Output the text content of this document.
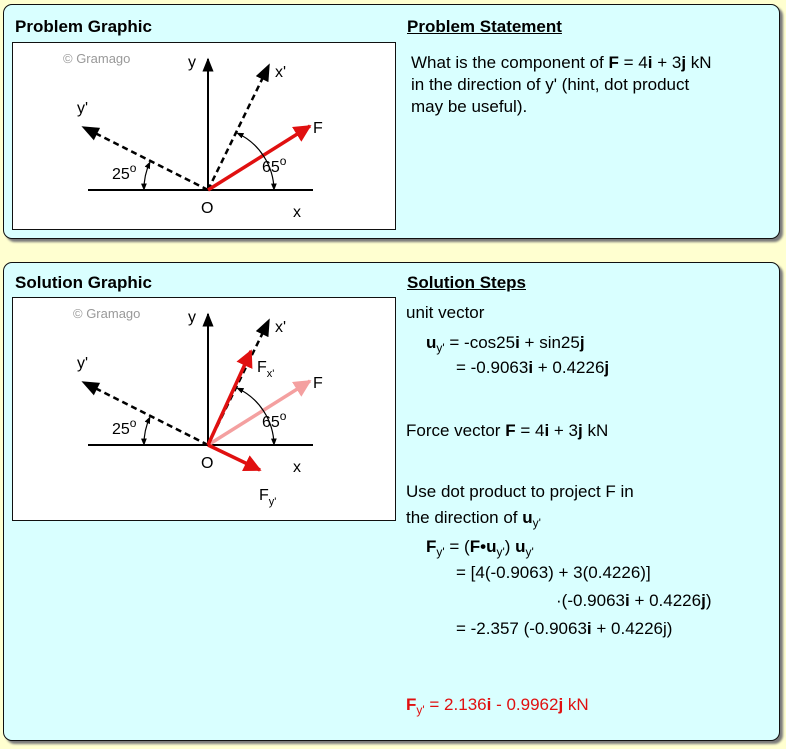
Problem Graphic	Problem Statement
© Gramago	y
x'
y'
F
O	x
25$^o$	65$^o$
What is the component of F = 4i + 3j kN
in the direction of y' (hint, dot product
may be useful).
Solution Graphic	Solution Steps
© Gramago	y
x'
y'
F
$F_{x'}$
$F_{y'}$
O	x
25$^o$	65$^o$
unit vector
$u_{y'} = -\cos 25i + \sin 25j$
= -0.9063i + 0.4226j
Force vector F = 4i + 3j kN
Use dot product to project F in
the direction of $u_{y'}$
$F_{y'}$ = $(F•u_{y'})$ $u_{y'}$
= [4(-0.9063) + 3(0.4226)]
·(-0.9063i + 0.4226j)
= -2.357 (-0.9063i + 0.4226j)
$F_{y'} = 2.136i - 0.9962j$ kN
